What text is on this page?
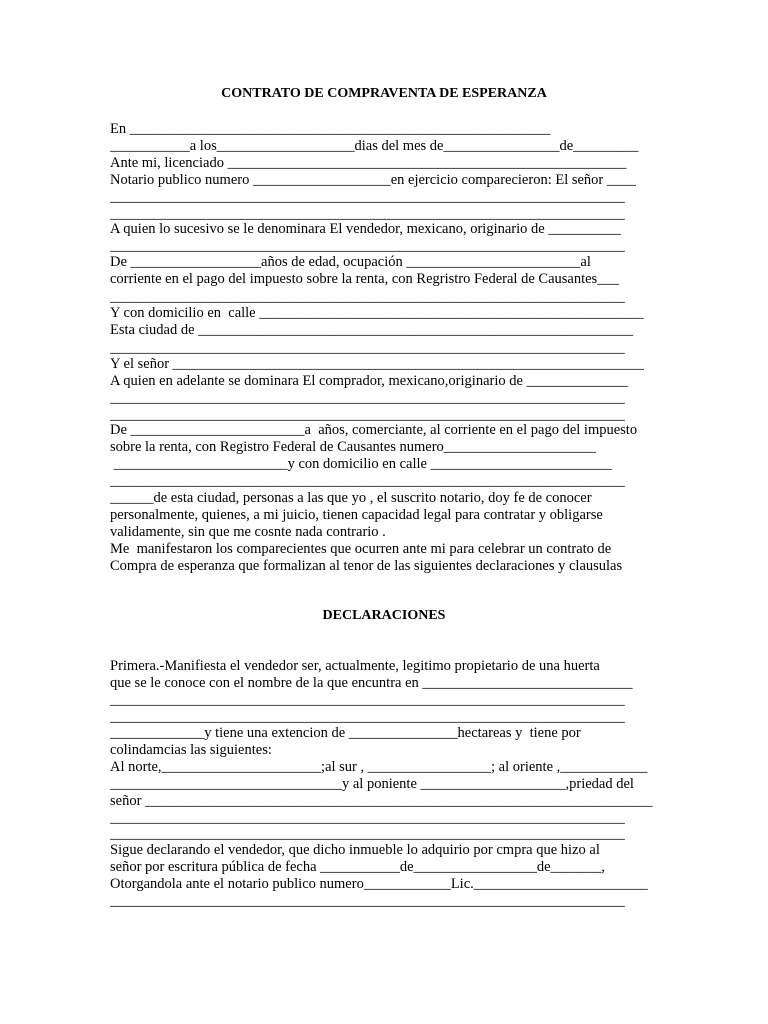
CONTRATO DE COMPRAVENTA DE ESPERANZA
En __________________________________________________________
___________a los___________________dias del mes de________________de_________
Ante mi, licenciado _______________________________________________________
Notario publico numero ___________________en ejercicio comparecieron: El señor ____
_______________________________________________________________________
_______________________________________________________________________
A quien lo sucesivo se le denominara El vendedor, mexicano, originario de __________
_______________________________________________________________________
De __________________años de edad, ocupación ________________________al
corriente en el pago del impuesto sobre la renta, con Regristro Federal de Causantes___
_______________________________________________________________________
Y con domicilio en  calle _____________________________________________________
Esta ciudad de ____________________________________________________________
_______________________________________________________________________
Y el señor _________________________________________________________________
A quien en adelante se dominara El comprador, mexicano,originario de ______________
_______________________________________________________________________
_______________________________________________________________________
De ________________________a  años, comerciante, al corriente en el pago del impuesto
sobre la renta, con Registro Federal de Causantes numero_____________________
________________________y con domicilio en calle _________________________
_______________________________________________________________________
______de esta ciudad, personas a las que yo , el suscrito notario, doy fe de conocer
personalmente, quienes, a mi juicio, tienen capacidad legal para contratar y obligarse
validamente, sin que me cosnte nada contrario .
Me  manifestaron los comparecientes que ocurren ante mi para celebrar un contrato de
Compra de esperanza que formalizan al tenor de las siguientes declaraciones y clausulas
DECLARACIONES
Primera.-Manifiesta el vendedor ser, actualmente, legitimo propietario de una huerta
que se le conoce con el nombre de la que encuntra en _____________________________
_______________________________________________________________________
_______________________________________________________________________
_____________y tiene una extencion de _______________hectareas y  tiene por
colindamcias las siguientes:
Al norte,______________________;al sur , _________________; al oriente ,____________
________________________________y al poniente ____________________,priedad del
señor ______________________________________________________________________
_______________________________________________________________________
_______________________________________________________________________
Sigue declarando el vendedor, que dicho inmueble lo adquirio por cmpra que hizo al
señor por escritura pública de fecha ___________de_________________de_______,
Otorgandola ante el notario publico numero____________Lic.________________________
_______________________________________________________________________
